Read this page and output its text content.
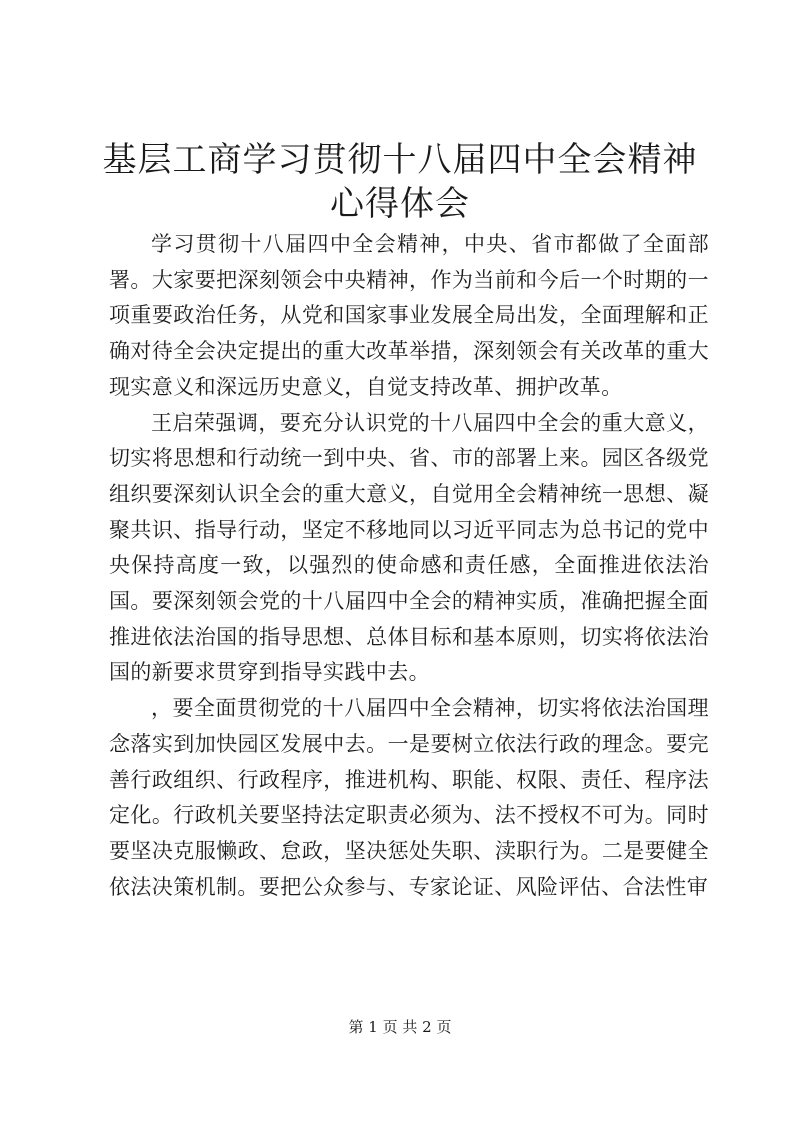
基层工商学习贯彻十八届四中全会精神心得体会

学习贯彻十八届四中全会精神，中央、省市都做了全面部署。大家要把深刻领会中央精神，作为当前和今后一个时期的一项重要政治任务，从党和国家事业发展全局出发，全面理解和正确对待全会决定提出的重大改革举措，深刻领会有关改革的重大现实意义和深远历史意义，自觉支持改革、拥护改革。

王启荣强调，要充分认识党的十八届四中全会的重大意义，切实将思想和行动统一到中央、省、市的部署上来。园区各级党组织要深刻认识全会的重大意义，自觉用全会精神统一思想、凝聚共识、指导行动，坚定不移地同以习近平同志为总书记的党中央保持高度一致，以强烈的使命感和责任感，全面推进依法治国。要深刻领会党的十八届四中全会的精神实质，准确把握全面推进依法治国的指导思想、总体目标和基本原则，切实将依法治国的新要求贯穿到指导实践中去。

，要全面贯彻党的十八届四中全会精神，切实将依法治国理念落实到加快园区发展中去。一是要树立依法行政的理念。要完善行政组织、行政程序，推进机构、职能、权限、责任、程序法定化。行政机关要坚持法定职责必须为、法不授权不可为。同时要坚决克服懒政、怠政，坚决惩处失职、渎职行为。二是要健全依法决策机制。要把公众参与、专家论证、风险评估、合法性审

第 1 页 共 2 页
